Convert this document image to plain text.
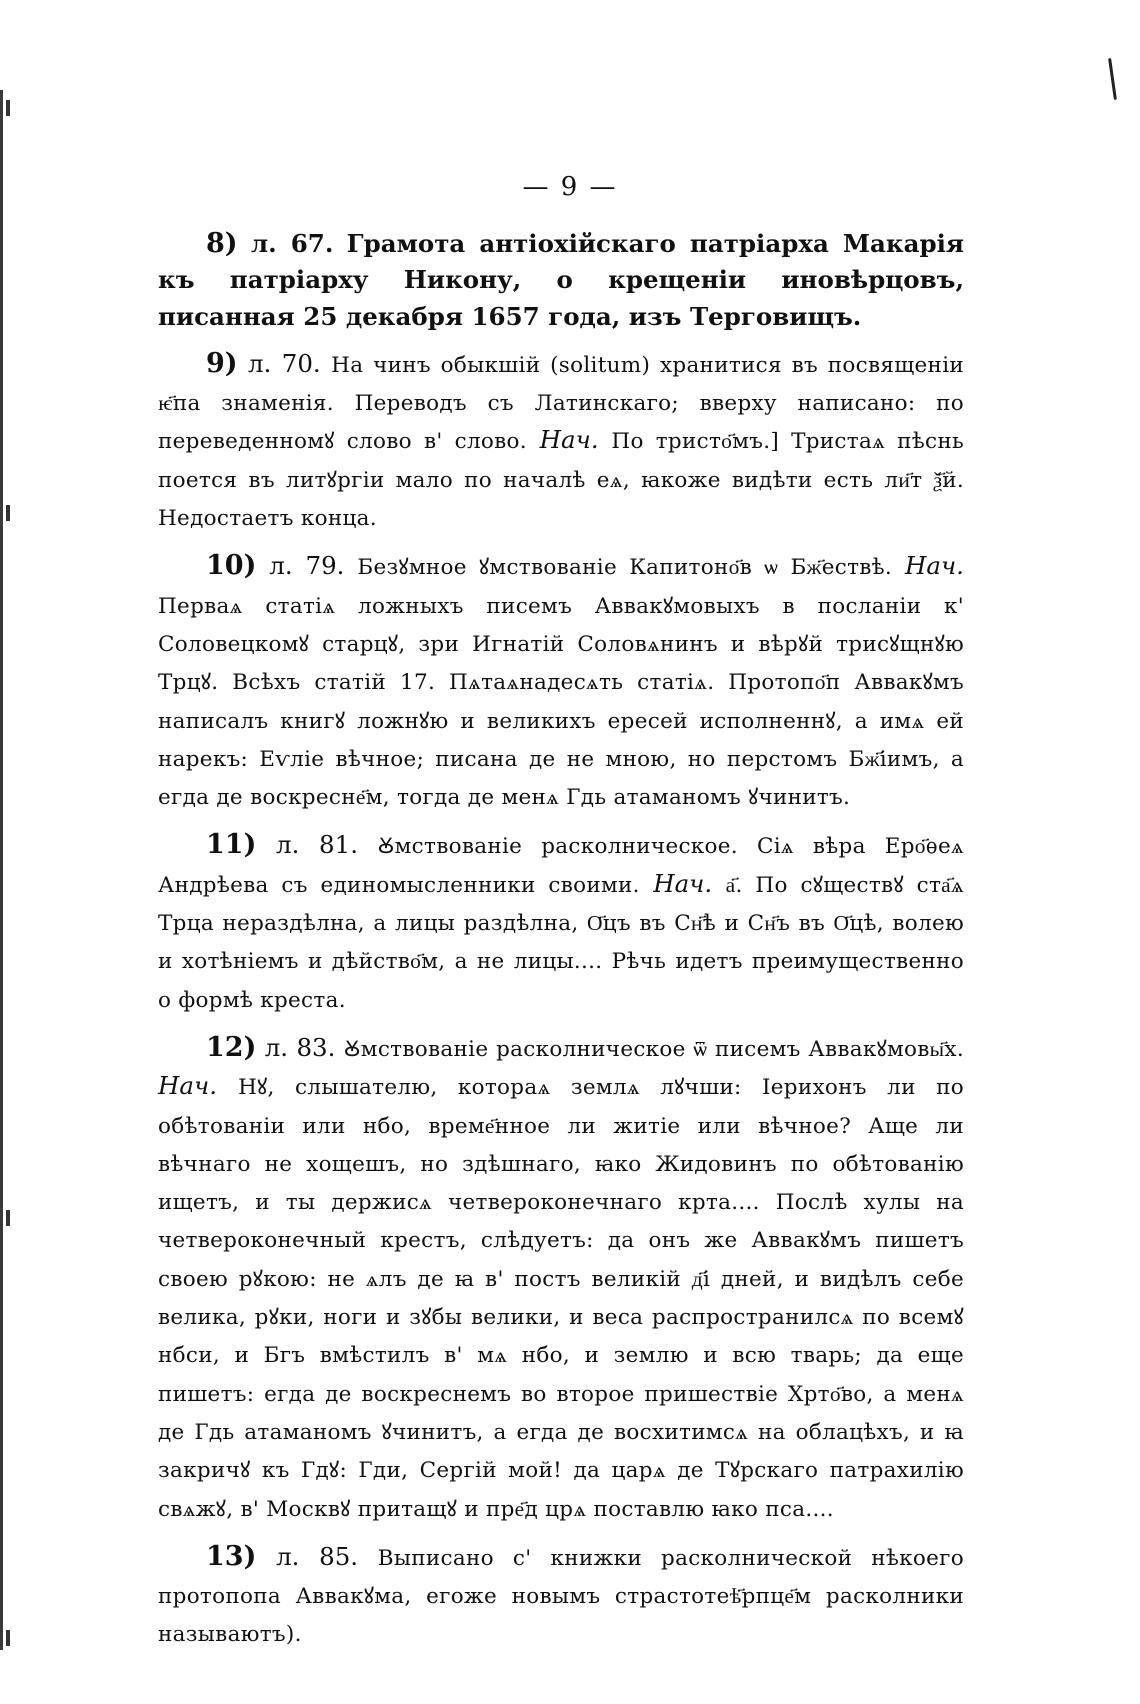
— 9 —

8) л. 67. Грамота антіохійскаго патріарха Макарія къ патріарху Никону, о крещеніи иновѣрцовъ, писанная 25 декабря 1657 года, изъ Терговищъ.

9) л. 70. На чинъ обыкшій (solitum) хранитися въ посвященіи ѥ҃па знаменія. Переводъ съ Латинскаго; вверху написано: по переведенномꙋ слово в' слово. Нач. По тристо҃мъ.] Тристаѧ пѣснь поется въ литꙋргіи мало по началѣ еѧ, ꙗкоже видѣти есть ли҃т ѯ҃й. Недостаетъ конца.

10) л. 79. Безꙋмное ꙋмствованіе Капитоно҃в ѡ Бж҃ествѣ. Нач. Перваѧ статіѧ ложныхъ писемъ Аввакꙋмовыхъ в посланіи к' Соловецкомꙋ старцꙋ, зри Игнатій Соловѧнинъ и вѣрꙋй трисꙋщнꙋю Трцꙋ. Всѣхъ статій 17. Пѧтаѧнадесѧть статіѧ. Протопо҃п Аввакꙋмъ написалъ книгꙋ ложнꙋю и великихъ ересей исполненнꙋ, а имѧ ей нарекъ: Еѵліе вѣчное; писана де не мною, но перстомъ Бж҃іимъ, а егда де воскресне҃м, тогда де менѧ Гдь атаманомъ ꙋчинитъ.

11) л. 81. Ꙋмствованіе расколническое. Сіѧ вѣра Еро҃ѳеѧ Андрѣева съ единомысленники своими. Нач. а҃. По сꙋществꙋ ста҃ѧ Трца нераздѣлна, а лицы раздѣлна, О҃цъ въ Сн҃ѣ и Сн҃ъ въ О҃цѣ, волею и хотѣніемъ и дѣйство҃м, а не лицы.... Рѣчь идетъ преимущественно о формѣ креста.

12) л. 83. Ꙋмствованіе расколническое ѿ писемъ Аввакꙋмовы҃х. Нач. Нꙋ, слышателю, котораѧ землѧ лꙋчши: Іерихонъ ли по обѣтованіи или нбо, време҃нное ли житіе или вѣчное? Аще ли вѣчнаго не хощешъ, но здѣшнаго, ꙗко Жидовинъ по обѣтованію ищетъ, и ты держисѧ четвероконечнаго крта.... Послѣ хулы на четвероконечный крестъ, слѣдуетъ: да онъ же Аввакꙋмъ пишетъ своею рꙋкою: не ѧлъ де ꙗ в' постъ великій д҃і дней, и видѣлъ себе велика, рꙋки, ноги и зꙋбы велики, и веса распространилсѧ по всемꙋ нбси, и Бгъ вмѣстилъ в' мѧ нбо, и землю и всю тварь; да еще пишетъ: егда де воскреснемъ во второе пришествіе Хрто҃во, а менѧ де Гдь атаманомъ ꙋчинитъ, а егда де восхитимсѧ на облацѣхъ, и ꙗ закричꙋ къ Гдꙋ: Гди, Сергій мой! да царѧ де Тꙋрскаго патрахилію свѧжꙋ, в' Москвꙋ притащꙋ и пре҃д црѧ поставлю ꙗко пса....

13) л. 85. Выписано с' книжки расколнической нѣкоего протопопа Аввакꙋма, егоже новымъ страстотеѣ҃рпце҃м расколники называютъ).
